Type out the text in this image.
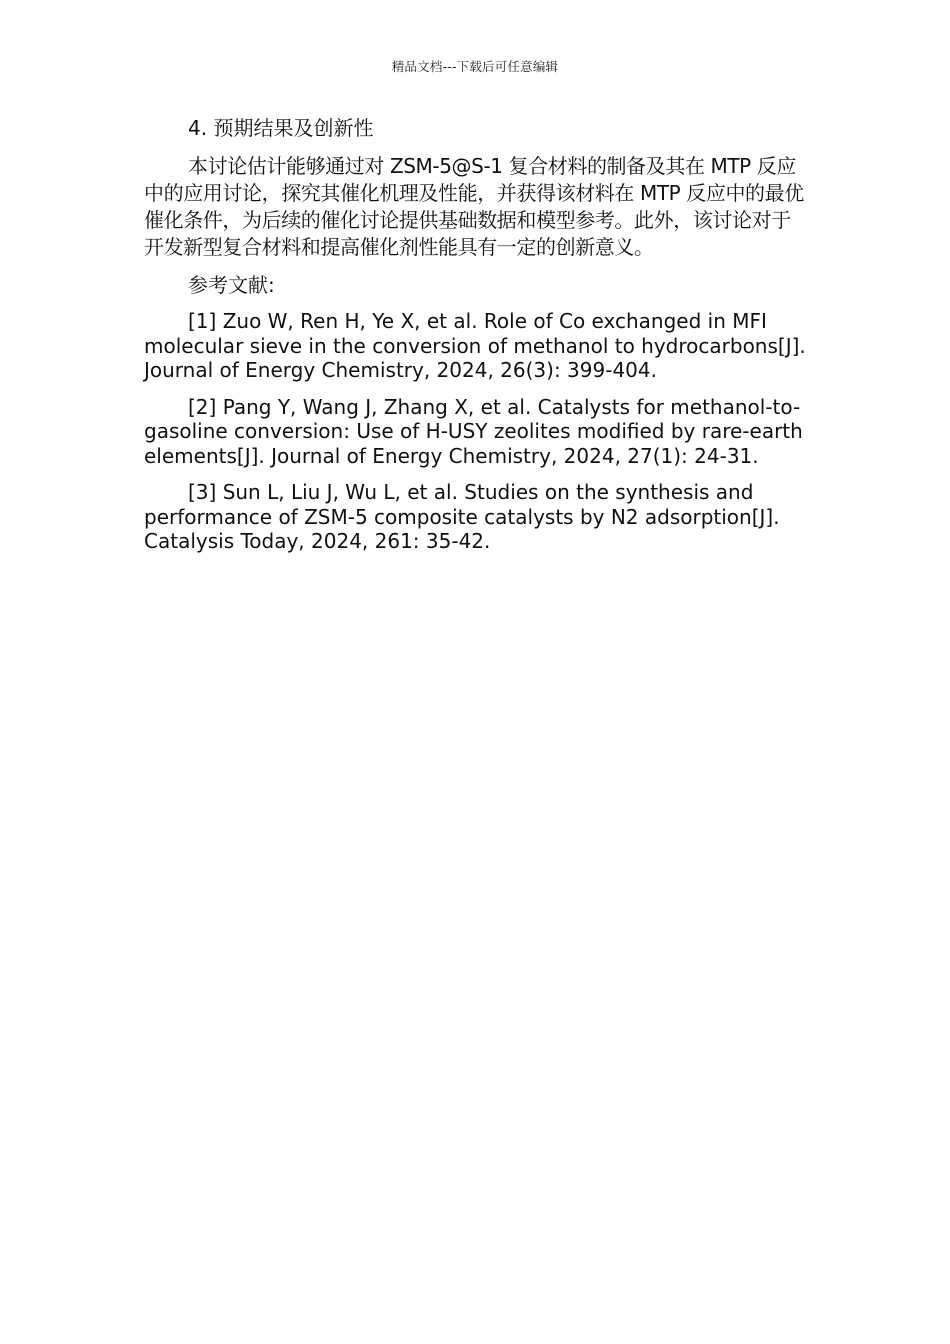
精品文档---下载后可任意编辑

4. 预期结果及创新性

本讨论估计能够通过对 ZSM-5@S-1 复合材料的制备及其在 MTP 反应中的应用讨论，探究其催化机理及性能，并获得该材料在 MTP 反应中的最优催化条件，为后续的催化讨论提供基础数据和模型参考。此外，该讨论对于开发新型复合材料和提高催化剂性能具有一定的创新意义。

参考文献:

[1] Zuo W, Ren H, Ye X, et al. Role of Co exchanged in MFI molecular sieve in the conversion of methanol to hydrocarbons[J]. Journal of Energy Chemistry, 2024, 26(3): 399-404.

[2] Pang Y, Wang J, Zhang X, et al. Catalysts for methanol-to-gasoline conversion: Use of H-USY zeolites modified by rare-earth elements[J]. Journal of Energy Chemistry, 2024, 27(1): 24-31.

[3] Sun L, Liu J, Wu L, et al. Studies on the synthesis and performance of ZSM-5 composite catalysts by N2 adsorption[J]. Catalysis Today, 2024, 261: 35-42.
